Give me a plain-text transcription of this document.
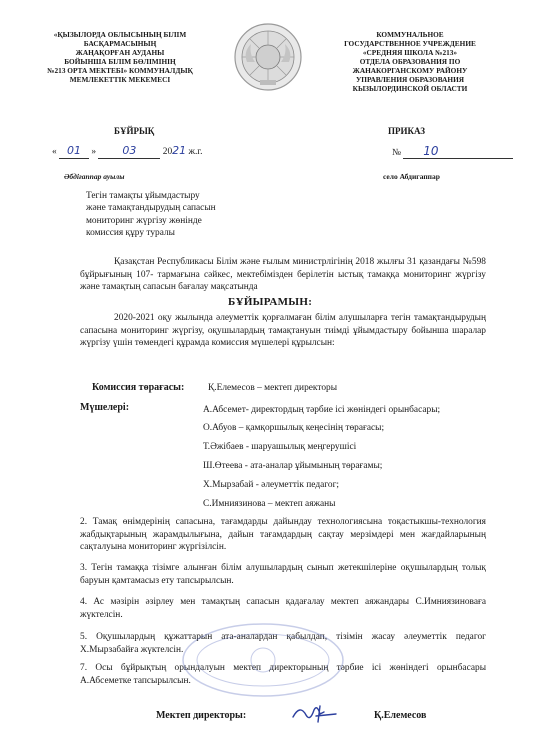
«ҚЫЗЫЛОРДА ОБЛЫСЫНЫҢ БІЛІМ
БАСҚАРМАСЫНЫҢ
ЖАҢАҚОРҒАН АУДАНЫ
БОЙЫНША БІЛІМ БӨЛІМІНІҢ
№213 ОРТА МЕКТЕБІ» КОММУНАЛДЫҚ
МЕМЛЕКЕТТІК МЕКЕМЕСІ
КОММУНАЛЬНОЕ
ГОСУДАРСТВЕННОЕ УЧРЕЖДЕНИЕ
«СРЕДНЯЯ ШКОЛА №213»
ОТДЕЛА ОБРАЗОВАНИЯ ПО
ЖАНАКОРГАНСКОМУ РАЙОНУ
УПРАВЛЕНИЯ ОБРАЗОВАНИЯ
КЫЗЫЛОРДИНСКОЙ ОБЛАСТИ
БҰЙРЫҚ	ПРИКАЗ
« 01 » 03	2021 ж.г.	№ 10
Әбдіғаппар ауылы	село Абдигаппар
Тегін тамақты ұйымдастыру
және тамақтандырудың сапасын
мониторинг жүргізу жөнінде
комиссия құру туралы
Қазақстан Республикасы Білім және ғылым министрлігінің 2018 жылғы 31 қазандағы №598 бұйрығының 107- тармағына сәйкес, мектебімізден берілетін ыстық тамаққа мониторинг жүргізу және тамақтың сапасын бағалау мақсатында
БҰЙЫРАМЫН:
2020-2021 оқу жылында әлеуметтік қорғалмаған білім алушыларға тегін тамақтандырудың сапасына мониторинг жүргізу, оқушылардың тамақтануын тиімді ұйымдастыру бойынша шаралар жүргізу үшін төмендегі құрамда комиссия мүшелері құрылсын:
Комиссия төрағасы:	Қ.Елемесов – мектеп директоры
Мүшелері:	А.Абсемет- директордың тәрбие ісі жөніндегі орынбасары;
О.Абуов – қамқоршылық кеңесінің төрағасы;
Т.Әжібаев - шаруашылық меңгерушісі
Ш.Өтеева - ата-аналар ұйымының төрағамы;
Х.Мырзабай - әлеуметтік педагог;
С.Имниязинова – мектеп аяжаны
2. Тамақ өнімдерінің сапасына, тағамдарды дайындау технологиясына тоқастыкшы-технология жабдықтарының жарамдылығына, дайын тағамдардың сақтау мерзімдері мен жағдайларының сақталуына мониторинг жүргізілсін.
3. Тегін тамаққа тізімге алынған білім алушылардың сынып жетекшілеріне оқушылардың толық баруын қамтамасыз ету тапсырылсын.
4. Ас мәзірін әзірлеу мен тамақтың сапасын қадағалау мектеп аяжандары С.Имниязиноваға жүктелсін.
5. Оқушылардың құжаттарын ата-аналардан қабылдап, тізімін жасау әлеуметтік педагог Х.Мырзабайға жүктелсін.
7. Осы бұйрықтың орындалуын мектеп директорының тәрбие ісі жөніндегі орынбасары А.Абсеметке тапсырылсын.
Мектеп директоры:	Қ.Елемесов
